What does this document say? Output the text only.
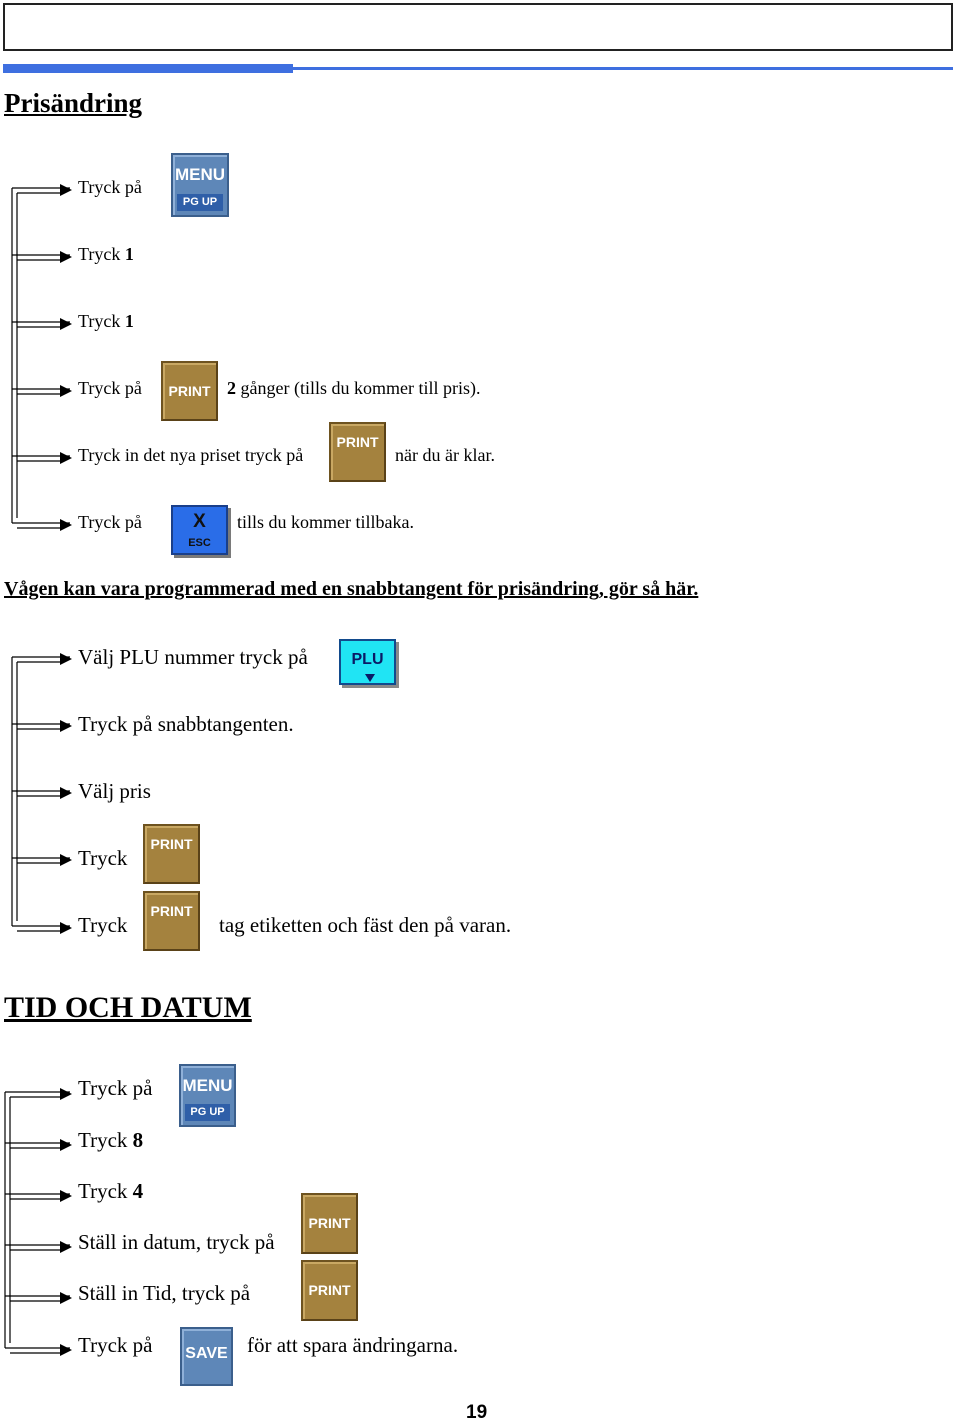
Prisändring
Tryck på
MENU
PG UP
Tryck 1
Tryck 1
Tryck på	PRINT 2 gånger (tills du kommer till pris).
Tryck in det nya priset tryck på
PRINT
när du är klar.
Tryck på	X
ESC
tills du kommer tillbaka.
Vågen kan vara programmerad med en snabbtangent för prisändring, gör så här.
Välj PLU nummer tryck på	PLU
Tryck på snabbtangenten.
Välj pris
Tryck
PRINT
Tryck
PRINT
tag etiketten och fäst den på varan.
TID OCH DATUM
Tryck på MENU
PG UP
Tryck 8
Tryck 4
Ställ in datum, tryck på
PRINT
Ställ in Tid, tryck på	PRINT
Tryck på SAVE för att spara ändringarna.
19
